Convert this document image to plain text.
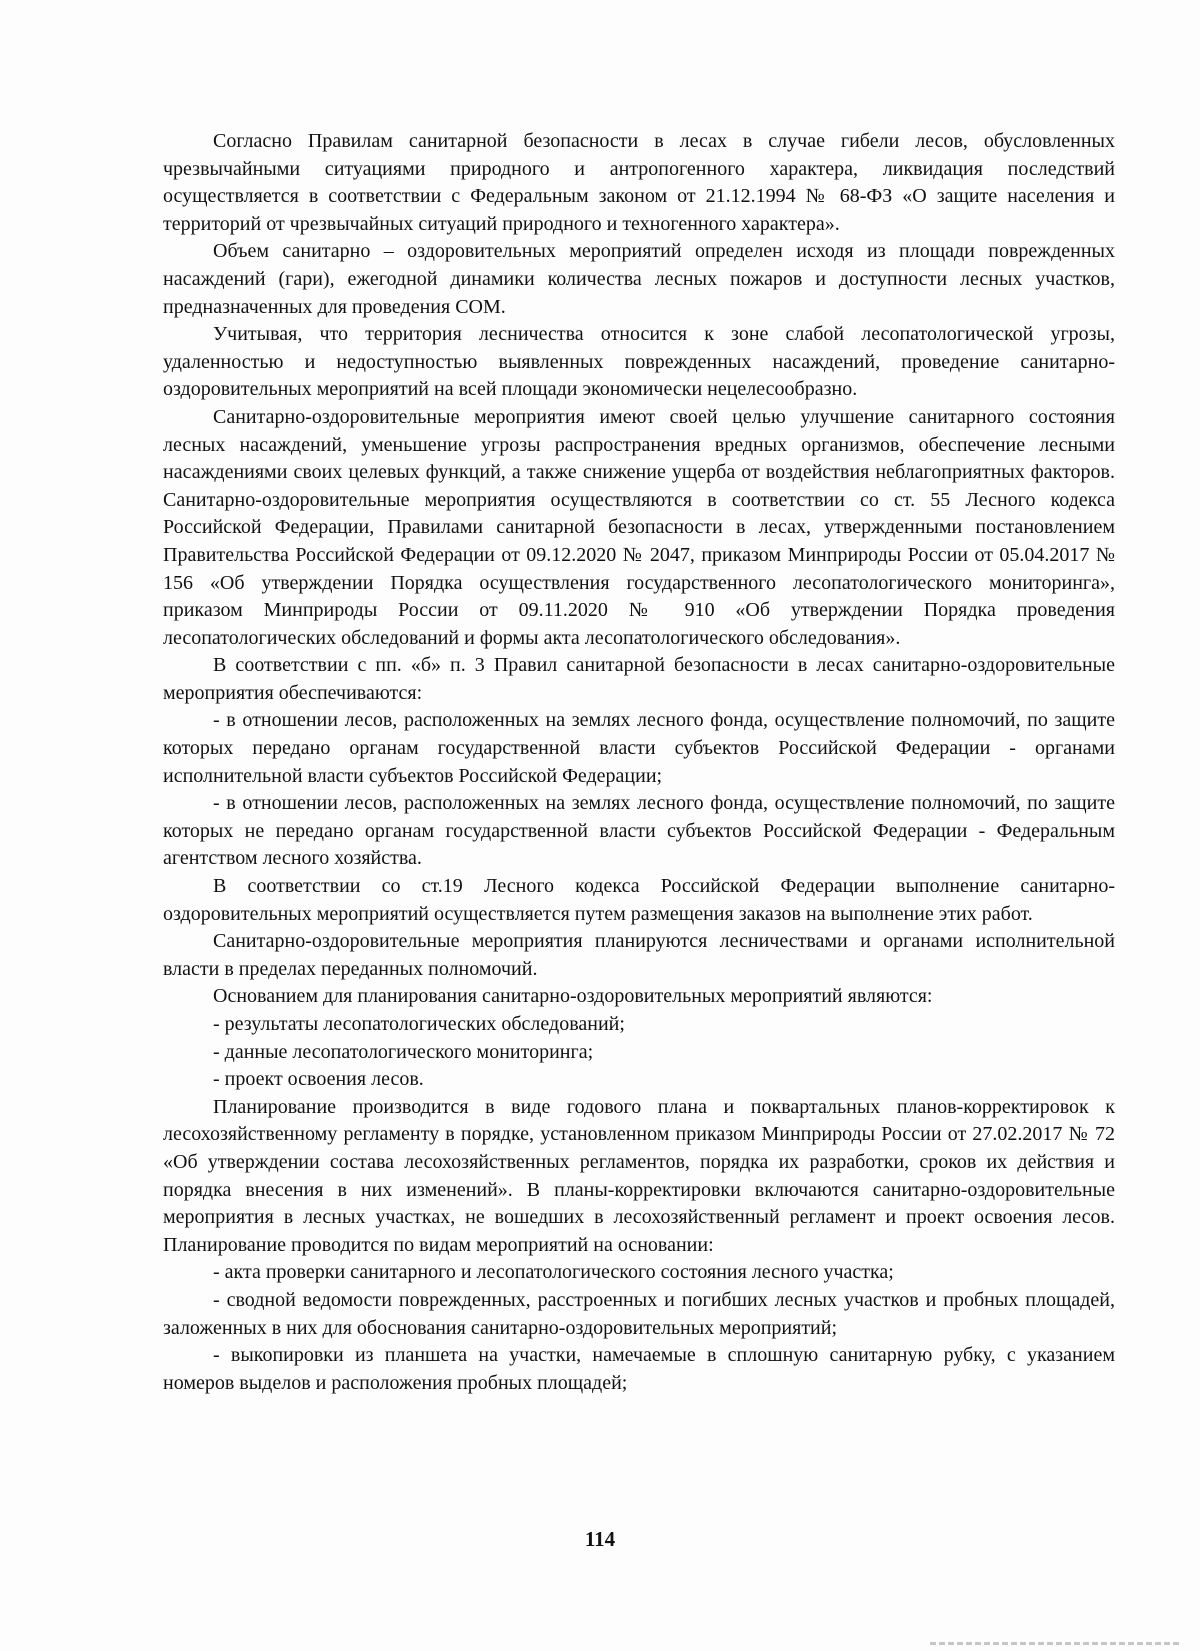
Согласно Правилам санитарной безопасности в лесах в случае гибели лесов, обусловленных чрезвычайными ситуациями природного и антропогенного характера, ликвидация последствий осуществляется в соответствии с Федеральным законом от 21.12.1994 № 68-ФЗ «О защите населения и территорий от чрезвычайных ситуаций природного и техногенного характера».

Объем санитарно – оздоровительных мероприятий определен исходя из площади поврежденных насаждений (гари), ежегодной динамики количества лесных пожаров и доступности лесных участков, предназначенных для проведения СОМ.

Учитывая, что территория лесничества относится к зоне слабой лесопатологической угрозы, удаленностью и недоступностью выявленных поврежденных насаждений, проведение санитарно-оздоровительных мероприятий на всей площади экономически нецелесообразно.

Санитарно-оздоровительные мероприятия имеют своей целью улучшение санитарного состояния лесных насаждений, уменьшение угрозы распространения вредных организмов, обеспечение лесными насаждениями своих целевых функций, а также снижение ущерба от воздействия неблагоприятных факторов. Санитарно-оздоровительные мероприятия осуществляются в соответствии со ст. 55 Лесного кодекса Российской Федерации, Правилами санитарной безопасности в лесах, утвержденными постановлением Правительства Российской Федерации от 09.12.2020 № 2047, приказом Минприроды России от 05.04.2017 № 156 «Об утверждении Порядка осуществления государственного лесопатологического мониторинга», приказом Минприроды России от 09.11.2020 № 910 «Об утверждении Порядка проведения лесопатологических обследований и формы акта лесопатологического обследования».

В соответствии с пп. «б» п. 3 Правил санитарной безопасности в лесах санитарно-оздоровительные мероприятия обеспечиваются:

- в отношении лесов, расположенных на землях лесного фонда, осуществление полномочий, по защите которых передано органам государственной власти субъектов Российской Федерации - органами исполнительной власти субъектов Российской Федерации;

- в отношении лесов, расположенных на землях лесного фонда, осуществление полномочий, по защите которых не передано органам государственной власти субъектов Российской Федерации - Федеральным агентством лесного хозяйства.

В соответствии со ст.19 Лесного кодекса Российской Федерации выполнение санитарно-оздоровительных мероприятий осуществляется путем размещения заказов на выполнение этих работ.

Санитарно-оздоровительные мероприятия планируются лесничествами и органами исполнительной власти в пределах переданных полномочий.

Основанием для планирования санитарно-оздоровительных мероприятий являются:

- результаты лесопатологических обследований;

- данные лесопатологического мониторинга;

- проект освоения лесов.

Планирование производится в виде годового плана и поквартальных планов-корректировок к лесохозяйственному регламенту в порядке, установленном приказом Минприроды России от 27.02.2017 № 72 «Об утверждении состава лесохозяйственных регламентов, порядка их разработки, сроков их действия и порядка внесения в них изменений». В планы-корректировки включаются санитарно-оздоровительные мероприятия в лесных участках, не вошедших в лесохозяйственный регламент и проект освоения лесов. Планирование проводится по видам мероприятий на основании:

- акта проверки санитарного и лесопатологического состояния лесного участка;

- сводной ведомости поврежденных, расстроенных и погибших лесных участков и пробных площадей, заложенных в них для обоснования санитарно-оздоровительных мероприятий;

- выкопировки из планшета на участки, намечаемые в сплошную санитарную рубку, с указанием номеров выделов и расположения пробных площадей;

114
